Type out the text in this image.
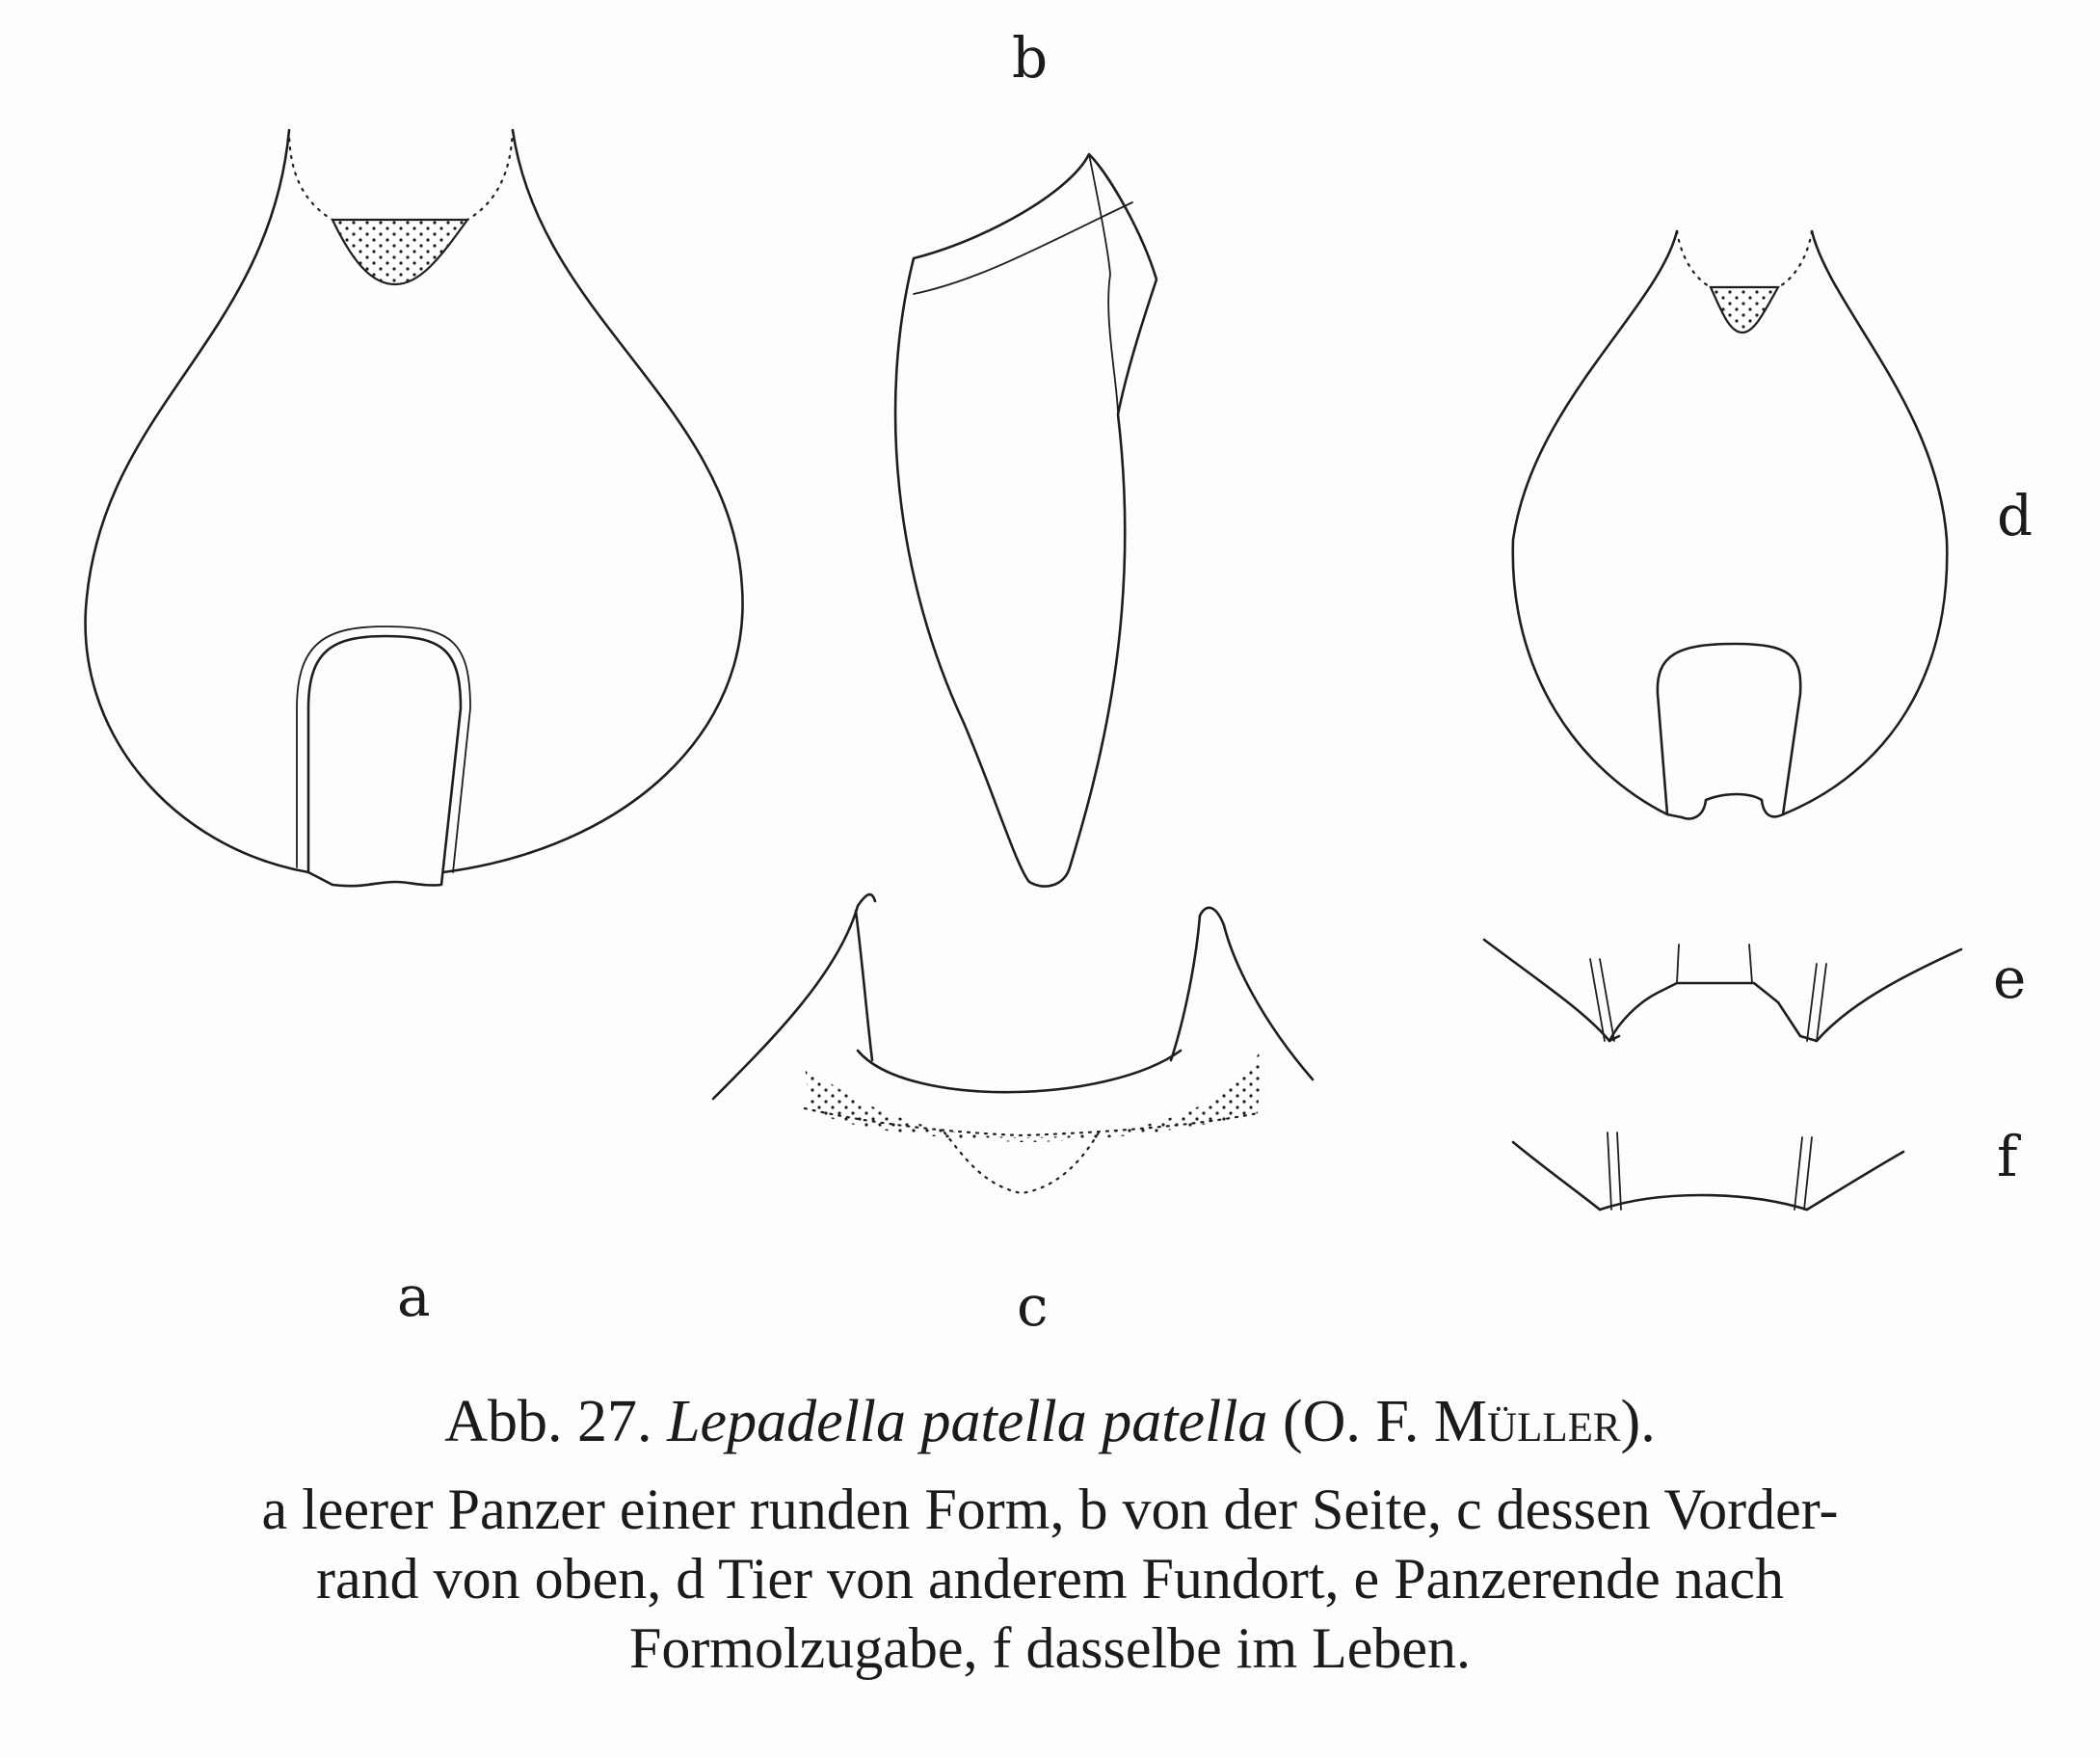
a
b
c
d
e
f
Abb. 27. Lepadella patella patella (O. F. Müller).
a leerer Panzer einer runden Form, b von der Seite, c dessen Vorder-
rand von oben, d Tier von anderem Fundort, e Panzerende nach
Formolzugabe, f dasselbe im Leben.
